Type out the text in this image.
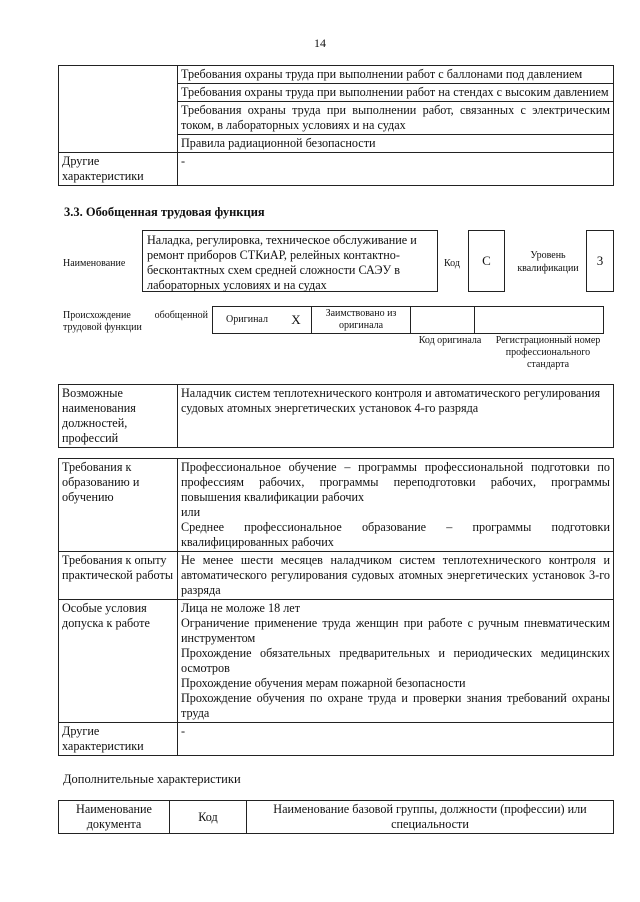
14
	Требования охраны труда при выполнении работ с баллонами под давлением
	Требования охраны труда при выполнении работ на стендах с высоким давлением
	Требования охраны труда при выполнении работ, связанных с электрическим током, в лабораторных условиях и на судах
	Правила радиационной безопасности
Другие характеристики	-
3.3. Обобщенная трудовая функция
Наименование
Наладка, регулировка, техническое обслуживание и ремонт приборов СТКиАР, релейных контактно-бесконтактных схем средней сложности САЭУ в лабораторных условиях и на судах
Код	C	Уровень квалификации
3
Происхождение обобщенной
трудовой функции
Оригинал	X	Заимствовано из оригинала		
Код оригинала	Регистрационный номер профессионального стандарта
Возможные наименования должностей, профессий	Наладчик систем теплотехнического контроля и автоматического регулирования судовых атомных энергетических установок 4-го разряда
Требования к образованию и обучению	Профессиональное обучение – программы профессиональной подготовки по профессиям рабочих, программы переподготовки рабочих, программы повышения квалификации рабочих
или
Среднее профессиональное образование – программы подготовки квалифицированных рабочих

Требования к опыту практической работы	Не менее шести месяцев наладчиком систем теплотехнического контроля и автоматического регулирования судовых атомных энергетических установок 3-го разряда
Особые условия допуска к работе	Лица не моложе 18 лет
Ограничение применение труда женщин при работе с ручным пневматическим инструментом
Прохождение обязательных предварительных и периодических медицинских осмотров
Прохождение обучения мерам пожарной безопасности
Прохождение обучения по охране труда и проверки знания требований охраны труда

Другие характеристики	-
Дополнительные характеристики
Наименование документа	Код	Наименование базовой группы, должности (профессии) или специальности
